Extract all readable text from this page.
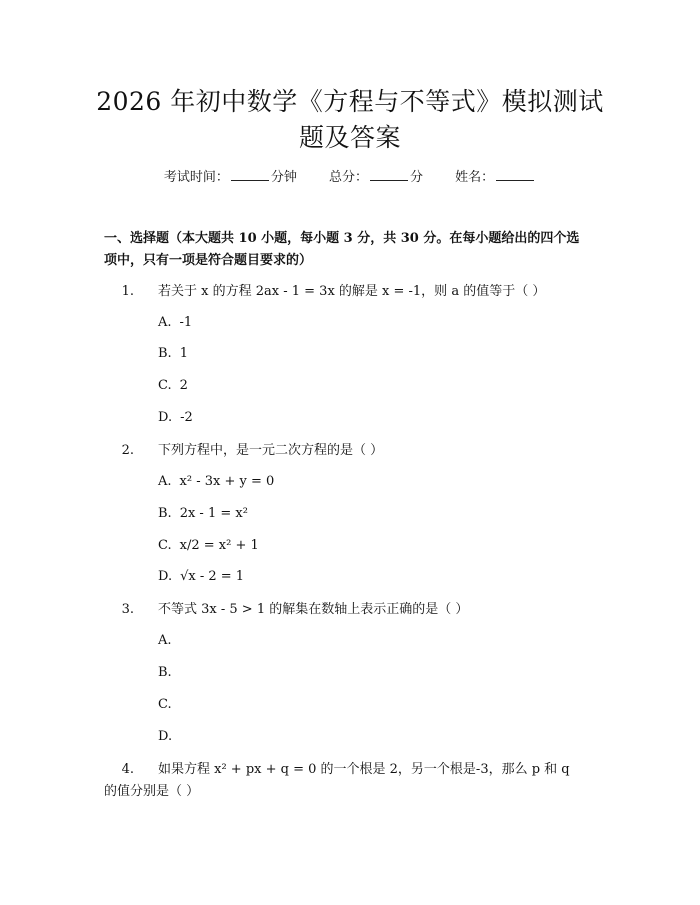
2026 年初中数学《方程与不等式》模拟测试
题及答案
考试时间：	分钟 总分：	分 姓名：
一、选择题（本大题共 10 小题，每小题 3 分，共 30 分。在每小题给出的四个选
项中，只有一项是符合题目要求的）
1. 若关于 x 的方程 2ax - 1 = 3x 的解是 x = -1，则 a 的值等于（ ）
A. -1
B. 1
C. 2
D. -2
2. 下列方程中，是一元二次方程的是（ ）
A. x² - 3x + y = 0
B. 2x - 1 = x²
C. x/2 = x² + 1
D. √x - 2 = 1
3. 不等式 3x - 5 > 1 的解集在数轴上表示正确的是（ ）
A.
B.
C.
D.
4. 如果方程 x² + px + q = 0 的一个根是 2，另一个根是-3，那么 p 和 q
的值分别是（ ）
